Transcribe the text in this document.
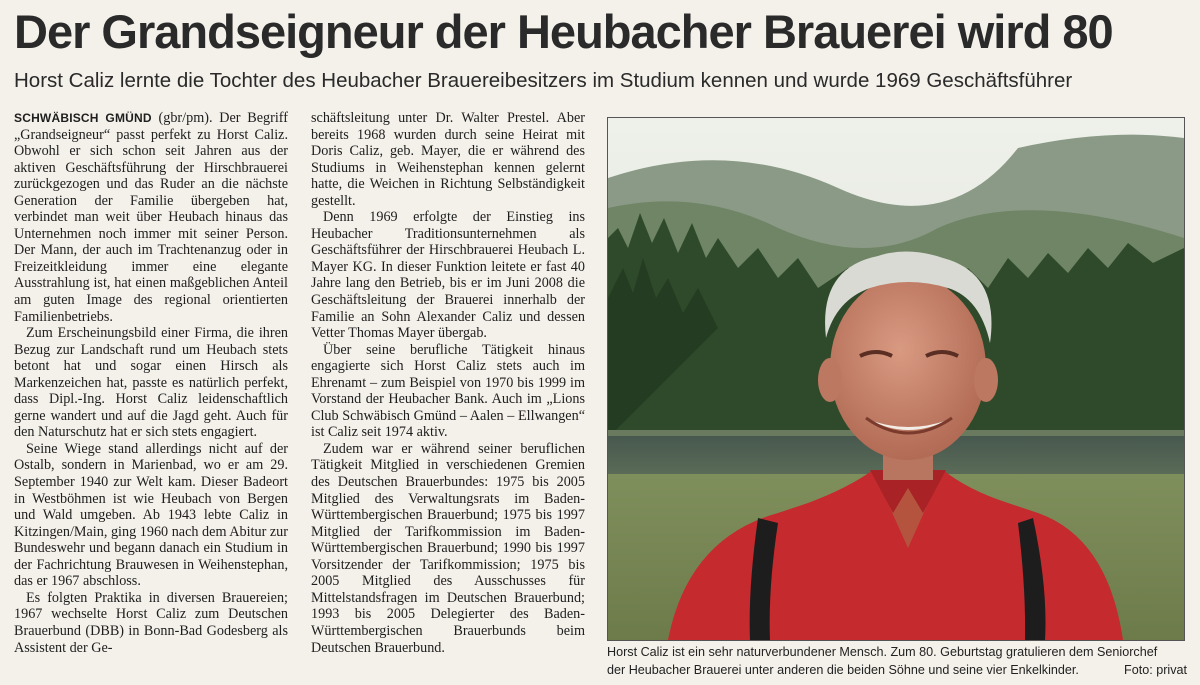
Der Grandseigneur der Heubacher Brauerei wird 80
Horst Caliz lernte die Tochter des Heubacher Brauereibesitzers im Studium kennen und wurde 1969 Geschäftsführer

SCHWÄBISCH GMÜND (gbr/pm). Der Begriff „Grandseigneur“ passt perfekt zu Horst Caliz. Obwohl er sich schon seit Jahren aus der aktiven Geschäftsführung der Hirschbrauerei zurückgezogen und das Ruder an die nächste Generation der Familie übergeben hat, verbindet man weit über Heubach hinaus das Unternehmen noch immer mit seiner Person. Der Mann, der auch im Trachtenanzug oder in Freizeitkleidung immer eine elegante Ausstrahlung ist, hat einen maßgeblichen Anteil am guten Image des regional orientierten Familienbetriebs.

Zum Erscheinungsbild einer Firma, die ihren Bezug zur Landschaft rund um Heubach stets betont hat und sogar einen Hirsch als Markenzeichen hat, passte es natürlich perfekt, dass Dipl.-Ing. Horst Caliz leidenschaftlich gerne wandert und auf die Jagd geht. Auch für den Naturschutz hat er sich stets engagiert.

Seine Wiege stand allerdings nicht auf der Ostalb, sondern in Marienbad, wo er am 29. September 1940 zur Welt kam. Dieser Badeort in Westböhmen ist wie Heubach von Bergen und Wald umgeben. Ab 1943 lebte Caliz in Kitzingen/Main, ging 1960 nach dem Abitur zur Bundeswehr und begann danach ein Studium in der Fachrichtung Brauwesen in Weihenstephan, das er 1967 abschloss.

Es folgten Praktika in diversen Brauereien; 1967 wechselte Horst Caliz zum Deutschen Brauerbund (DBB) in Bonn-Bad Godesberg als Assistent der Ge-

schäftsleitung unter Dr. Walter Prestel. Aber bereits 1968 wurden durch seine Heirat mit Doris Caliz, geb. Mayer, die er während des Studiums in Weihenstephan kennen gelernt hatte, die Weichen in Richtung Selbständigkeit gestellt.

Denn 1969 erfolgte der Einstieg ins Heubacher Traditionsunternehmen als Geschäftsführer der Hirschbrauerei Heubach L. Mayer KG. In dieser Funktion leitete er fast 40 Jahre lang den Betrieb, bis er im Juni 2008 die Geschäftsleitung der Brauerei innerhalb der Familie an Sohn Alexander Caliz und dessen Vetter Thomas Mayer übergab.

Über seine berufliche Tätigkeit hinaus engagierte sich Horst Caliz stets auch im Ehrenamt – zum Beispiel von 1970 bis 1999 im Vorstand der Heubacher Bank. Auch im „Lions Club Schwäbisch Gmünd – Aalen – Ellwangen“ ist Caliz seit 1974 aktiv.

Zudem war er während seiner beruflichen Tätigkeit Mitglied in verschiedenen Gremien des Deutschen Brauerbundes: 1975 bis 2005 Mitglied des Verwaltungsrats im Baden-Württembergischen Brauerbund; 1975 bis 1997 Mitglied der Tarifkommission im Baden-Württembergischen Brauerbund; 1990 bis 1997 Vorsitzender der Tarifkommission; 1975 bis 2005 Mitglied des Ausschusses für Mittelstandsfragen im Deutschen Brauerbund; 1993 bis 2005 Delegierter des Baden-Württembergischen Brauerbunds beim Deutschen Brauerbund.	Horst Caliz ist ein sehr naturverbundener Mensch. Zum 80. Geburtstag gratulieren dem Seniorchef
der Heubacher Brauerei unter anderen die beiden Söhne und seine vier Enkelkinder.	Foto: privat
